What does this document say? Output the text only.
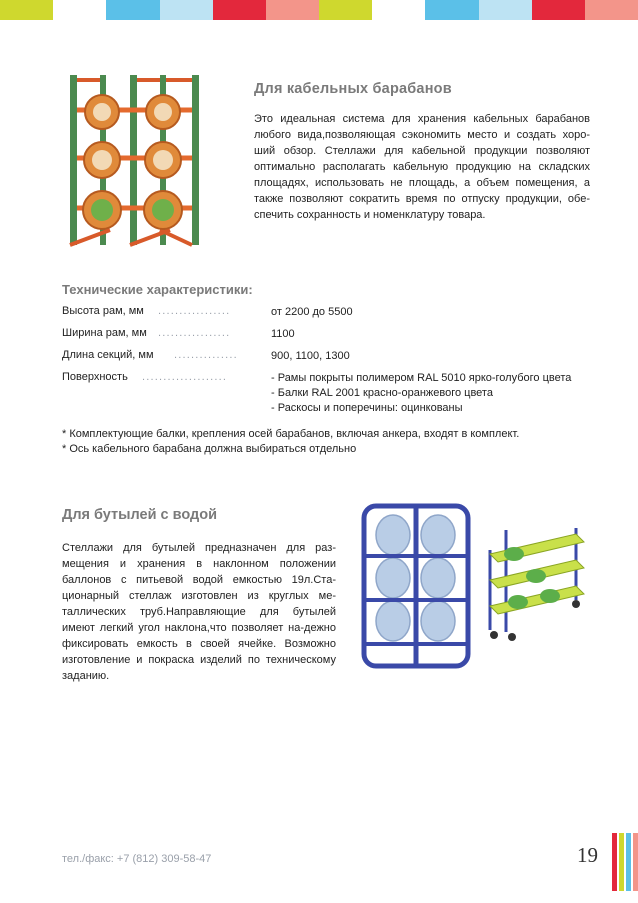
Для кабельных барабанов
Это идеальная система для хранения кабельных барабанов любого вида,позволяющая сэкономить место и создать хоро-ший обзор. Стеллажи для кабельной продукции позволяют оптимально располагать кабельную продукцию на складских площадях, использовать не площадь, а объем помещения, а также позволяют сократить время по отпуску продукции, обе-спечить сохранность и номенклатуру товара.
Технические характеристики:
.................
Высота рам, мм	от 2200 до 5500
.................
Ширина рам, мм	1100
...............
Длина секций, мм	900, 1100, 1300
....................
Поверхность	- Рамы покрыты полимером RAL 5010 ярко-голубого цвета
- Балки RAL 2001 красно-оранжевого цвета
- Раскосы и поперечины: оцинкованы
* Комплектующие балки, крепления осей барабанов, включая анкера, входят в комплект.
* Ось кабельного барабана должна выбираться отдельно
Для бутылей с водой
Стеллажи для бутылей предназначен для раз-мещения и хранения в наклонном положении баллонов с питьевой водой емкостью 19л.Ста-ционарный стеллаж изготовлен из круглых ме-таллических труб.Направляющие для бутылей имеют легкий угол наклона,что позволяет на-дежно фиксировать емкость в своей ячейке. Возможно изготовление и покраска изделий по техническому заданию.
тел./факс: +7 (812) 309-58-47	19
